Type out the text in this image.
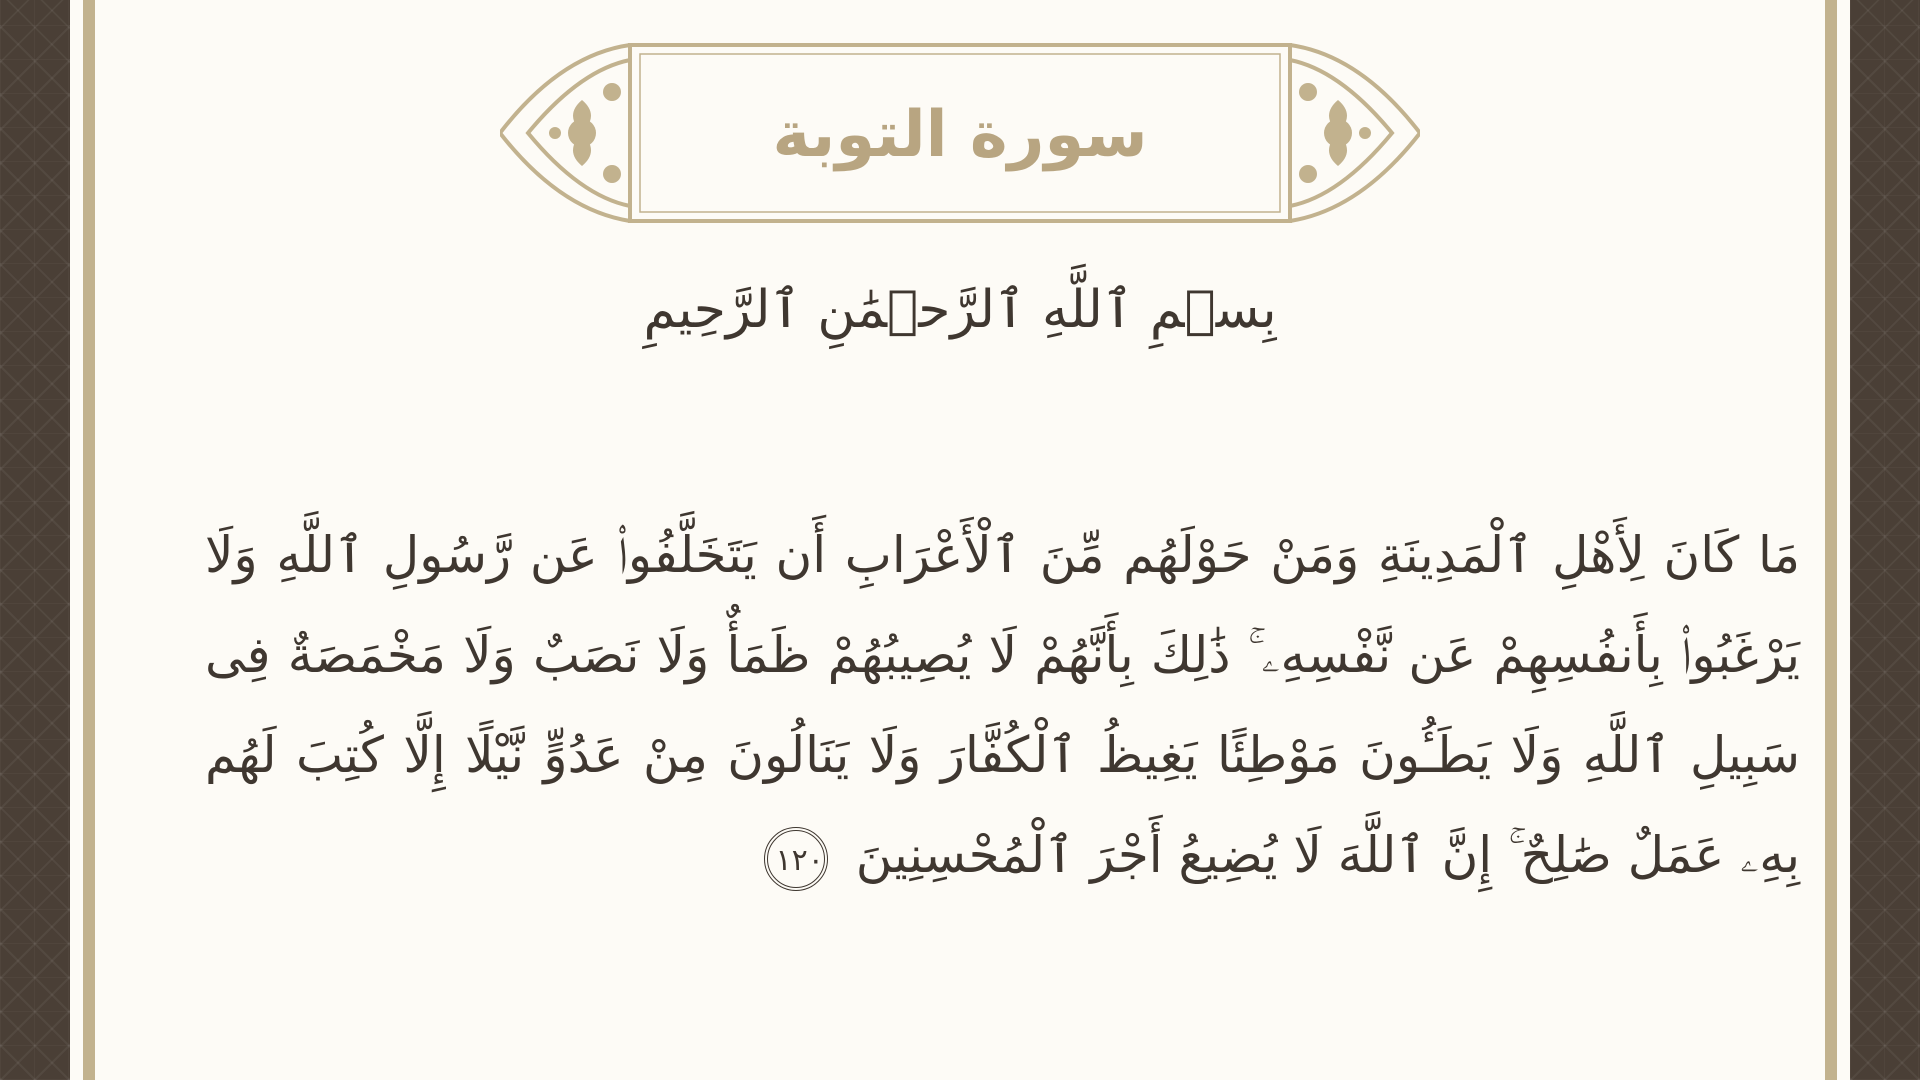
سورة التوبة
بِسۡمِ ٱللَّهِ ٱلرَّحۡمَٰنِ ٱلرَّحِيمِ
مَا كَانَ لِأَهْلِ ٱلْمَدِينَةِ وَمَنْ حَوْلَهُم مِّنَ ٱلْأَعْرَابِ أَن يَتَخَلَّفُوا۟ عَن رَّسُولِ ٱللَّهِ وَلَا يَرْغَبُوا۟ بِأَنفُسِهِمْ عَن نَّفْسِهِۦ ۚ ذَٰلِكَ بِأَنَّهُمْ لَا يُصِيبُهُمْ ظَمَأٌ وَلَا نَصَبٌ وَلَا مَخْمَصَةٌ فِى سَبِيلِ ٱللَّهِ وَلَا يَطَـُٔونَ مَوْطِئًا يَغِيظُ ٱلْكُفَّارَ وَلَا يَنَالُونَ مِنْ عَدُوٍّ نَّيْلًا إِلَّا كُتِبَ لَهُم بِهِۦ عَمَلٌ صَٰلِحٌ ۚ إِنَّ ٱللَّهَ لَا يُضِيعُ أَجْرَ ٱلْمُحْسِنِينَ ١٢٠
